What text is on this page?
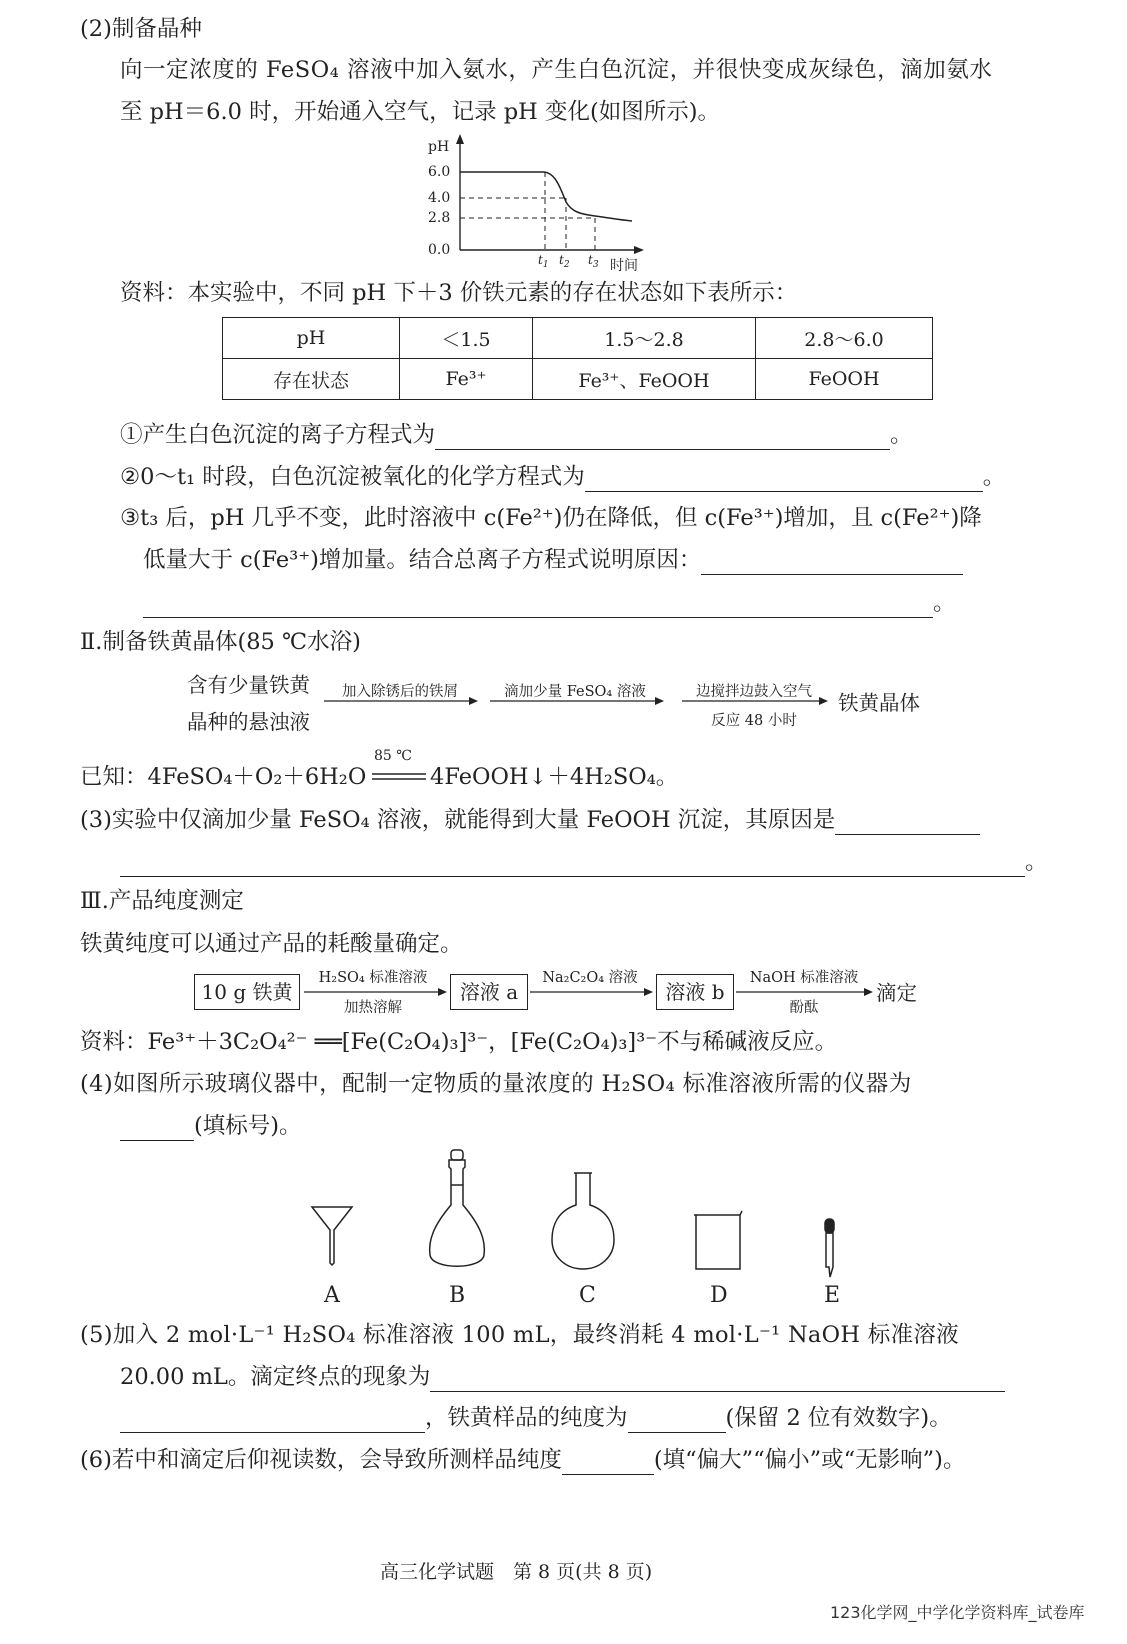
(2)制备晶种
向一定浓度的 FeSO₄ 溶液中加入氨水，产生白色沉淀，并很快变成灰绿色，滴加氨水
至 pH＝6.0 时，开始通入空气，记录 pH 变化(如图所示)。
pH
6.0
4.0
2.8
0.0
时间
$t_1$ $t_2$ $t_3$
资料：本实验中，不同 pH 下＋3 价铁元素的存在状态如下表所示：
pH	＜1.5	1.5～2.8	2.8～6.0
存在状态	Fe³⁺	Fe³⁺、FeOOH	FeOOH
①产生白色沉淀的离子方程式为	。
②0～t₁ 时段，白色沉淀被氧化的化学方程式为	。
③t₃ 后，pH 几乎不变，此时溶液中 c(Fe²⁺)仍在降低，但 c(Fe³⁺)增加，且 c(Fe²⁺)降
低量大于 c(Fe³⁺)增加量。结合总离子方程式说明原因：
。
Ⅱ.制备铁黄晶体(85 ℃水浴)
含有少量铁黄
晶种的悬浊液
加入除锈后的铁屑	滴加少量 FeSO₄ 溶液	边搅拌边鼓入空气
反应 48 小时
铁黄晶体
已知：4FeSO₄＋O₂＋6H₂O
85 ℃
4FeOOH↓＋4H₂SO₄。
(3)实验中仅滴加少量 FeSO₄ 溶液，就能得到大量 FeOOH 沉淀，其原因是
。
Ⅲ.产品纯度测定
铁黄纯度可以通过产品的耗酸量确定。
10 g 铁黄	溶液 a	溶液 b
H₂SO₄ 标准溶液
加热溶解
Na₂C₂O₄ 溶液	NaOH 标准溶液
酚酞
滴定
资料：Fe³⁺＋3C₂O₄²⁻ ══[Fe(C₂O₄)₃]³⁻，[Fe(C₂O₄)₃]³⁻不与稀碱液反应。
(4)如图所示玻璃仪器中，配制一定物质的量浓度的 H₂SO₄ 标准溶液所需的仪器为
(填标号)。
A	B	C	D	E
(5)加入 2 mol·L⁻¹ H₂SO₄ 标准溶液 100 mL，最终消耗 4 mol·L⁻¹ NaOH 标准溶液
20.00 mL。滴定终点的现象为
，铁黄样品的纯度为	(保留 2 位有效数字)。
(6)若中和滴定后仰视读数，会导致所测样品纯度	(填“偏大”“偏小”或“无影响”)。
高三化学试题　第 8 页(共 8 页)
123化学网_中学化学资料库_试卷库
